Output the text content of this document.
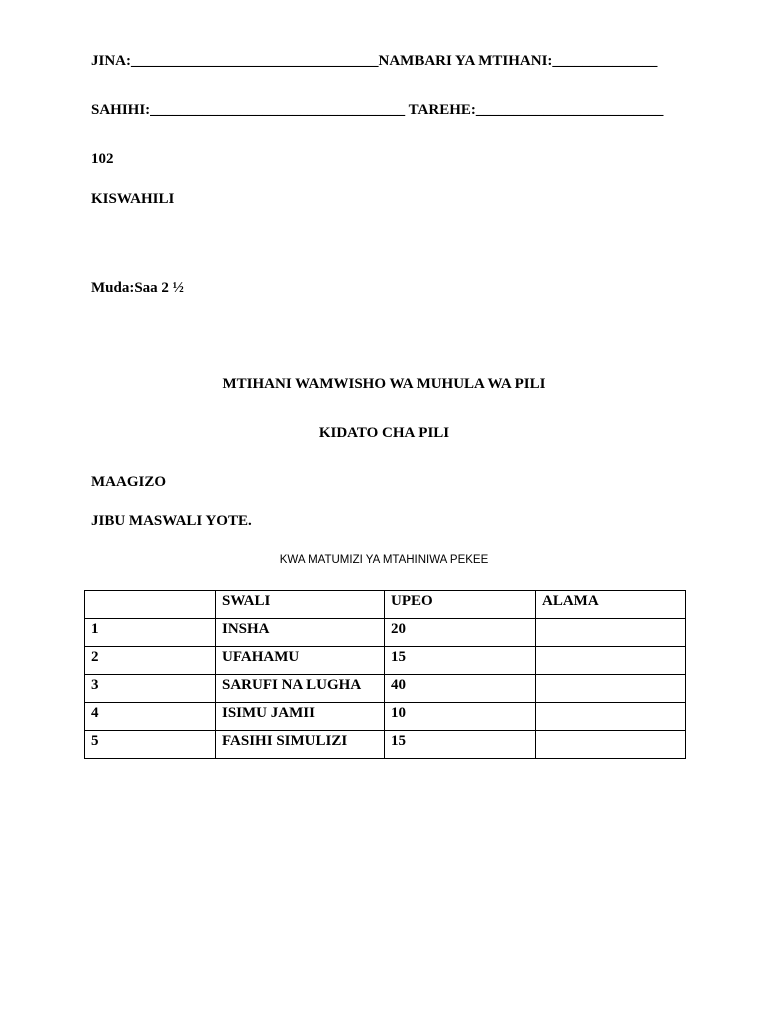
JINA:_________________________________NAMBARI YA MTIHANI:______________
SAHIHI:__________________________________ TAREHE:_________________________
102
KISWAHILI
Muda:Saa 2 ½
MTIHANI WAMWISHO WA MUHULA WA PILI
KIDATO CHA PILI
MAAGIZO
JIBU MASWALI YOTE.
KWA MATUMIZI YA MTAHINIWA PEKEE
	SWALI	UPEO	ALAMA
1	INSHA	20	
2	UFAHAMU	15	
3	SARUFI NA LUGHA	40	
4	ISIMU JAMII	10	
5	FASIHI SIMULIZI	15	
